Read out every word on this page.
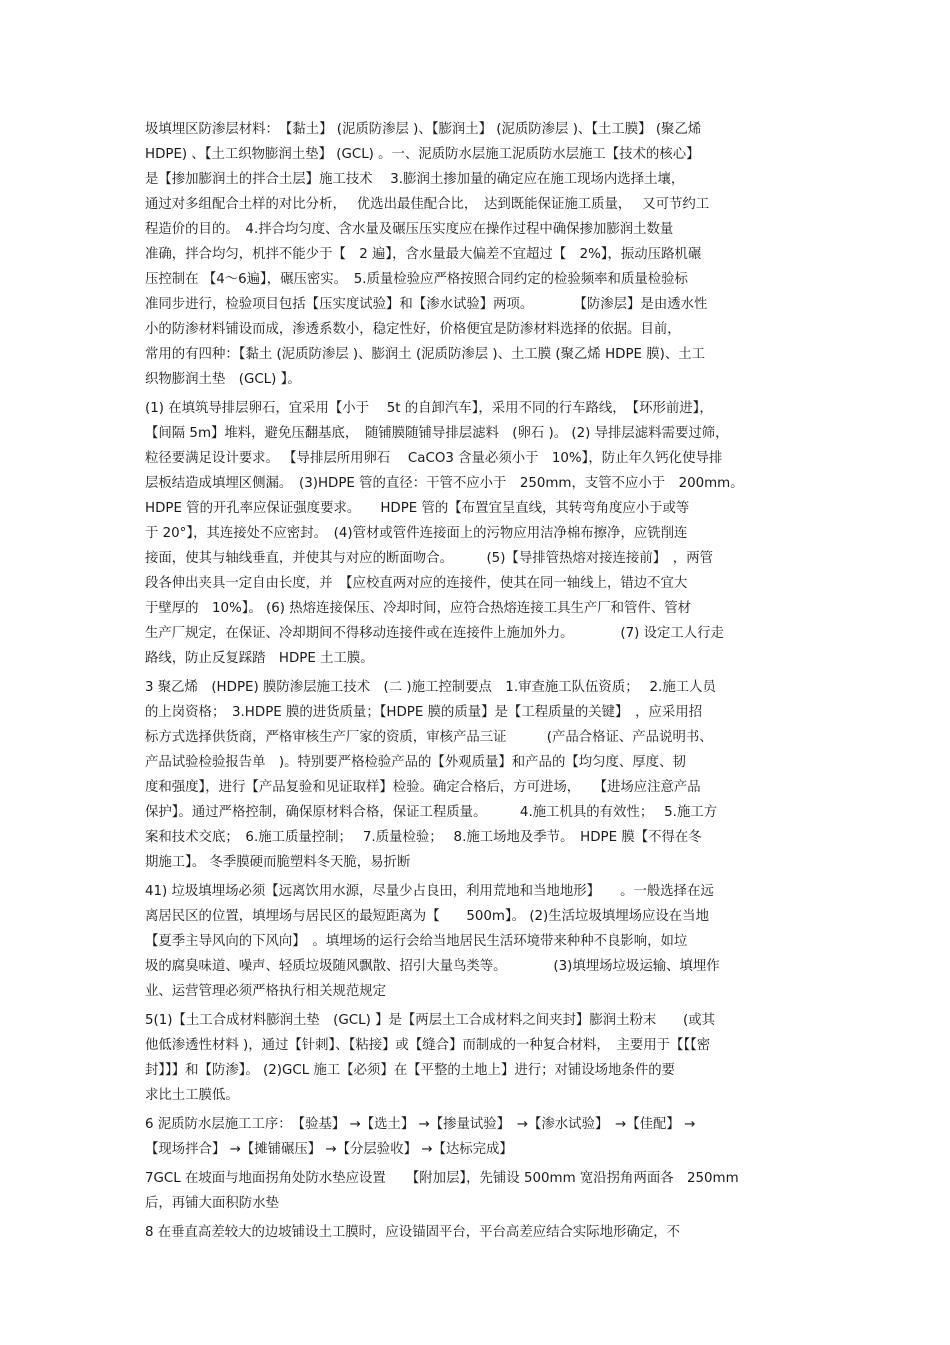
圾填埋区防渗层材料：　【黏土】 (泥质防渗层 )、【膨润土】 (泥质防渗层 )、【土工膜】 (聚乙烯
HDPE) 、【土工织物膨润土垫】 (GCL) 。一、泥质防水层施工泥质防水层施工【技术的核心】
是【掺加膨润土的拌合土层】施工技术　 3.膨润土掺加量的确定应在施工现场内选择土壤，
通过对多组配合土样的对比分析，　 优选出最佳配合比，　达到既能保证施工质量，　 又可节约工
程造价的目的。　4.拌合均匀度、含水量及碾压压实度应在操作过程中确保掺加膨润土数量
准确，拌合均匀，机拌不能少于【　2 遍】，含水量最大偏差不宜超过【　2%】，振动压路机碾
压控制在 【4～6遍】，碾压密实。　5.质量检验应严格按照合同约定的检验频率和质量检验标
准同步进行，检验项目包括【压实度试验】和【渗水试验】两项。　　　　【防渗层】是由透水性
小的防渗材料铺设而成，渗透系数小，稳定性好，价格便宜是防渗材料选择的依据。目前，
常用的有四种：【黏土 (泥质防渗层 )、膨润土 (泥质防渗层 )、土工膜 (聚乙烯 HDPE 膜)、土工
织物膨润土垫　(GCL) 】。
(1) 在填筑导排层卵石，宜采用【小于　 5t 的自卸汽车】，采用不同的行车路线，　【环形前进】，
【间隔 5m】堆料，避免压翻基底，　随铺膜随铺导排层滤料　(卵石 )。 (2) 导排层滤料需要过筛，
粒径要满足设计要求。 【导排层所用卵石　 CaCO3 含量必须小于　10%】，防止年久钙化使导排
层板结造成填埋区侧漏。　(3)HDPE 管的直径：干管不应小于　250mm，支管不应小于　200mm。
HDPE 管的开孔率应保证强度要求。　　HDPE 管的【布置宜呈直线，其转弯角度应小于或等
于 20°】，其连接处不应密封。　(4)管材或管件连接面上的污物应用洁净棉布擦净，应铣削连
接面，使其与轴线垂直，并使其与对应的断面吻合。　　　(5)【导排管热熔对接连接前】　，两管
段各伸出夹具一定自由长度，并　【应校直两对应的连接件，使其在同一轴线上，错边不宜大
于壁厚的　10%】。 (6) 热熔连接保压、冷却时间，应符合热熔连接工具生产厂和管件、管材
生产厂规定，在保证、冷却期间不得移动连接件或在连接件上施加外力。　　　　(7) 设定工人行走
路线，防止反复踩踏　HDPE 土工膜。
3 聚乙烯　(HDPE) 膜防渗层施工技术　(二 )施工控制要点　1.审查施工队伍资质；　 2.施工人员
的上岗资格；　3.HDPE 膜的进货质量；【HDPE 膜的质量】是【工程质量的关键】　，应采用招
标方式选择供货商，严格审核生产厂家的资质，审核产品三证　　　(产品合格证、产品说明书、
产品试验检验报告单　)。特别要严格检验产品的【外观质量】和产品的【均匀度、厚度、韧
度和强度】，进行【产品复验和见证取样】检验。确定合格后，方可进场，　　【进场应注意产品
保护】。通过严格控制，确保原材料合格，保证工程质量。　　　4.施工机具的有效性；　 5.施工方
案和技术交底；　6.施工质量控制；　 7.质量检验；　 8.施工场地及季节。　HDPE 膜【不得在冬
期施工】。 冬季膜硬而脆塑料冬天脆，易折断
41) 垃圾填埋场必须【远离饮用水源，尽量少占良田，利用荒地和当地地形】　　。一般选择在远
离居民区的位置，填埋场与居民区的最短距离为【　　500m】。 (2)生活垃圾填埋场应设在当地
【夏季主导风向的下风向】　。填埋场的运行会给当地居民生活环境带来种种不良影响，如垃
圾的腐臭味道、噪声、轻质垃圾随风飘散、招引大量鸟类等。　　　　(3)填埋场垃圾运输、填埋作
业、运营管理必须严格执行相关规范规定
5(1)【土工合成材料膨润土垫　(GCL) 】是【两层土工合成材料之间夹封】膨润土粉末　　(或其
他低渗透性材料 )，通过【针刺】、【粘接】或【缝合】而制成的一种复合材料，　主要用于【【【密
封】】】和【防渗】。 (2)GCL 施工【必须】在【平整的土地上】进行；对铺设场地条件的要
求比土工膜低。
6 泥质防水层施工工序：　【验基】 →【选土】 →【掺量试验】　→【渗水试验】　→【佳配】 →
【现场拌合】 →【摊铺碾压】 →【分层验收】 →【达标完成】
7GCL 在坡面与地面拐角处防水垫应设置　　【附加层】，先铺设 500mm 宽沿拐角两面各　250mm
后，再铺大面积防水垫
8 在垂直高差较大的边坡铺设土工膜时，应设锚固平台，平台高差应结合实际地形确定，不
